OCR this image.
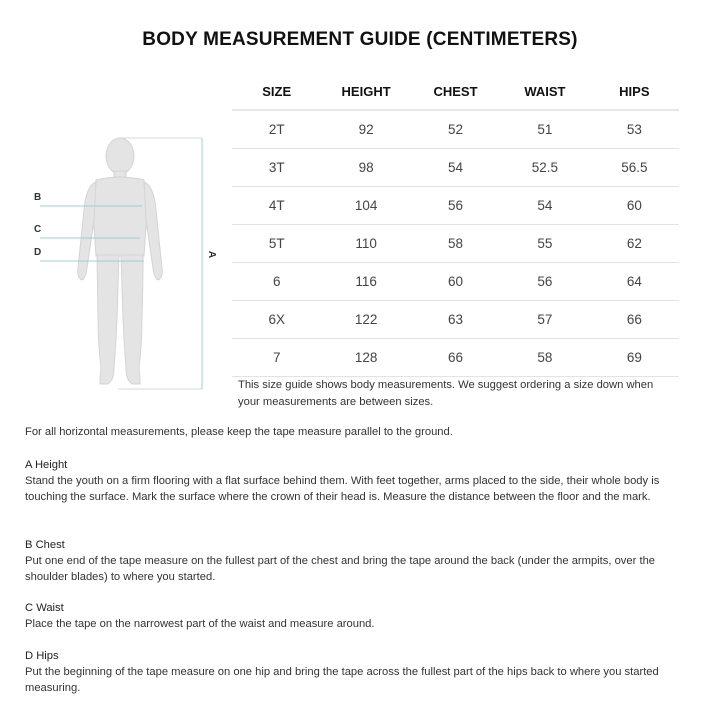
BODY MEASUREMENT GUIDE (CENTIMETERS)
B
C
D	A
SIZE	HEIGHT	CHEST	WAIST	HIPS
2T	92	52	51	53
3T	98	54	52.5	56.5
4T	104	56	54	60
5T	110	58	55	62
6	116	60	56	64
6X	122	63	57	66
7	128	66	58	69
This size guide shows body measurements. We suggest ordering a size down when your measurements are between sizes.
For all horizontal measurements, please keep the tape measure parallel to the ground.
A Height
Stand the youth on a firm flooring with a flat surface behind them. With feet together, arms placed to the side, their whole body is touching the surface. Mark the surface where the crown of their head is. Measure the distance between the floor and the mark.
B Chest
Put one end of the tape measure on the fullest part of the chest and bring the tape around the back (under the armpits, over the shoulder blades) to where you started.
C Waist
Place the tape on the narrowest part of the waist and measure around.
D Hips
Put the beginning of the tape measure on one hip and bring the tape across the fullest part of the hips back to where you started measuring.
